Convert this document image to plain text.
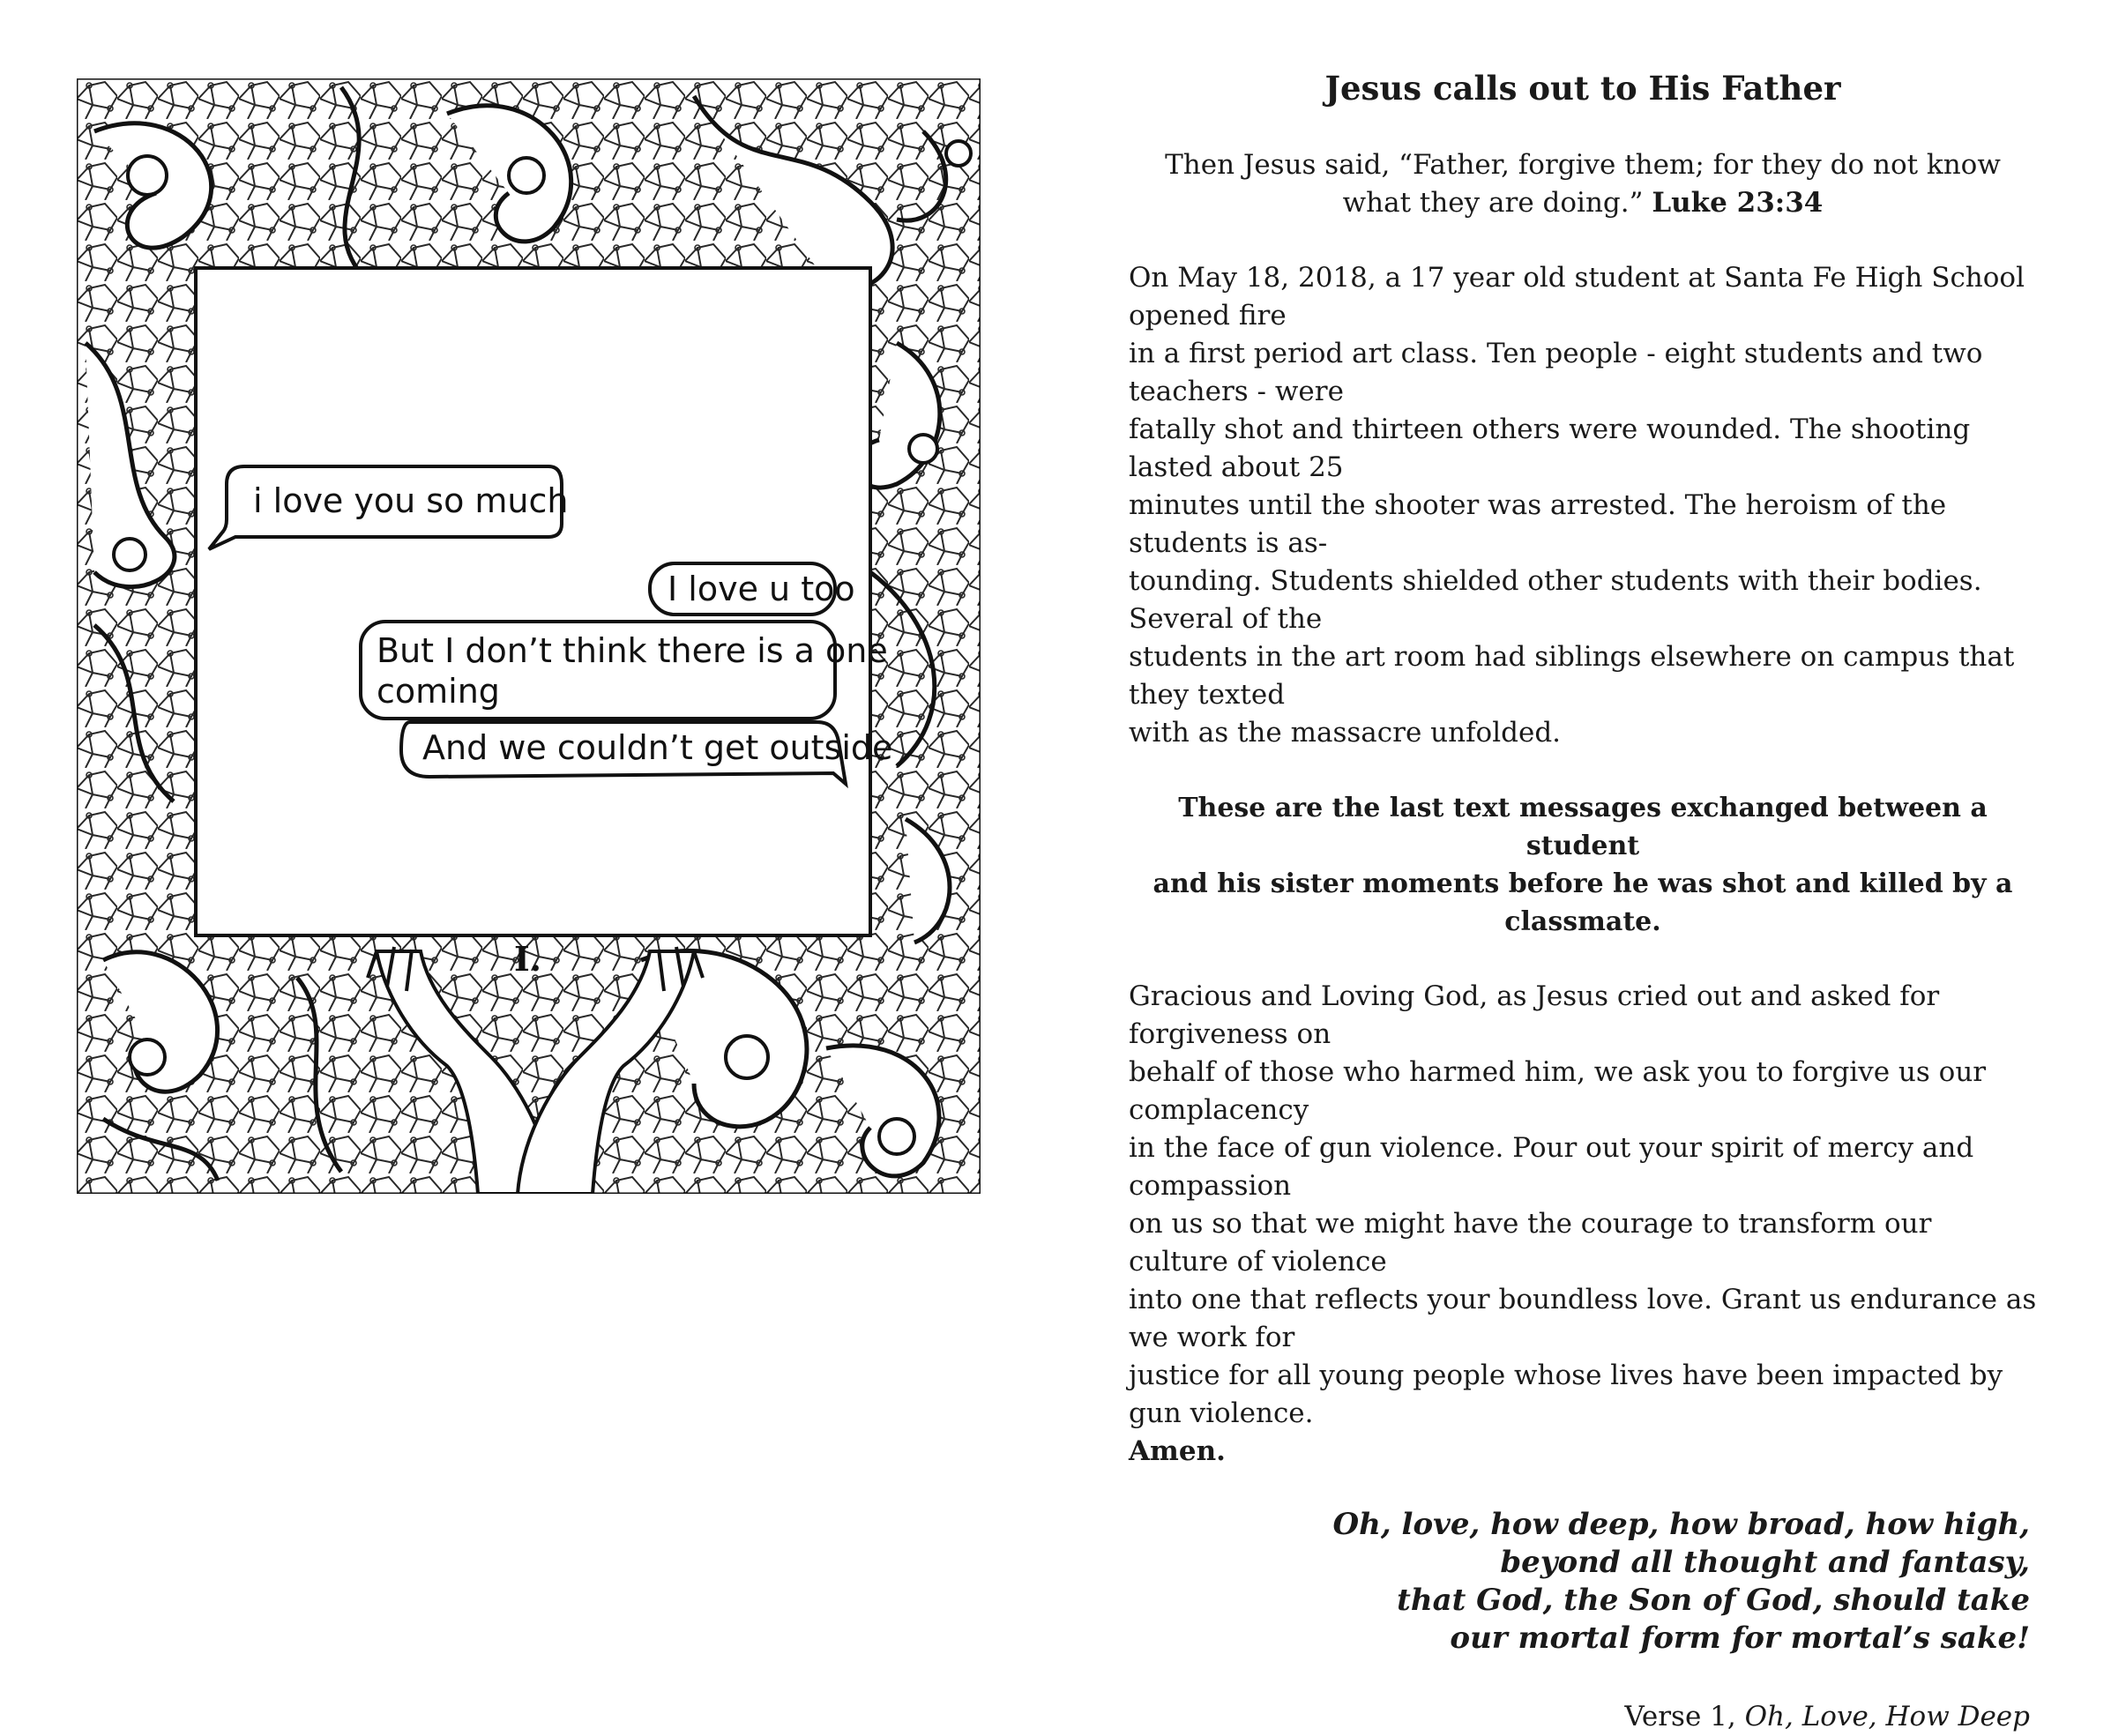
i love you so much
I love u too
But I don’t think there is a one
coming
And we couldn’t get outside
I.
Jesus calls out to His Father
Then Jesus said, “Father, forgive them; for they do not know
what they are doing.” Luke 23:34
On May 18, 2018, a 17 year old student at Santa Fe High School opened fire
in a first period art class. Ten people - eight students and two teachers - were
fatally shot and thirteen others were wounded. The shooting lasted about 25
minutes until the shooter was arrested. The heroism of the students is as-
tounding. Students shielded other students with their bodies. Several of the
students in the art room had siblings elsewhere on campus that they texted
with as the massacre unfolded.
These are the last text messages exchanged between a student
and his sister moments before he was shot and killed by a classmate.
Gracious and Loving God, as Jesus cried out and asked for forgiveness on
behalf of those who harmed him, we ask you to forgive us our complacency
in the face of gun violence. Pour out your spirit of mercy and compassion
on us so that we might have the courage to transform our culture of violence
into one that reflects your boundless love. Grant us endurance as we work for
justice for all young people whose lives have been impacted by gun violence.
Amen.
Oh, love, how deep, how broad, how high,
beyond all thought and fantasy,
that God, the Son of God, should take
our mortal form for mortal’s sake!
Verse 1, Oh, Love, How Deep
